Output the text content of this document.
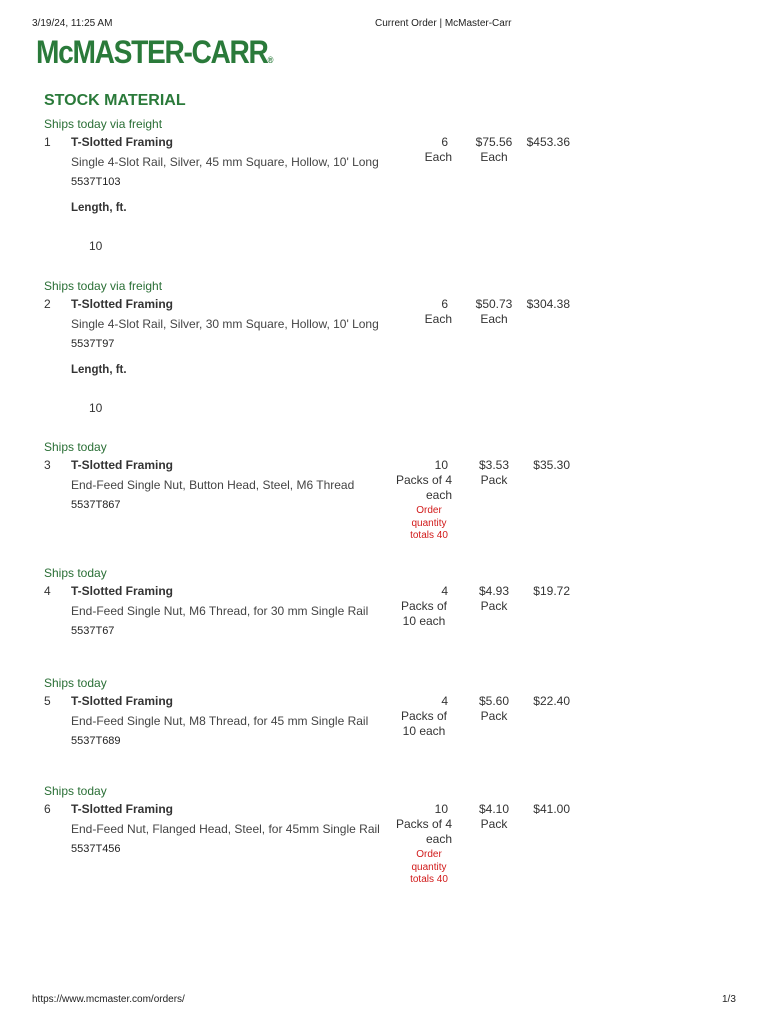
3/19/24, 11:25 AM	Current Order | McMaster-Carr
McMASTER-CARR®
STOCK MATERIAL
Ships today via freight
1 T-Slotted Framing
Single 4-Slot Rail, Silver, 45 mm Square, Hollow, 10' Long
5537T103
Length, ft.
10
6
Each
$75.56
Each
$453.36
Ships today via freight
2 T-Slotted Framing
Single 4-Slot Rail, Silver, 30 mm Square, Hollow, 10' Long
5537T97
Length, ft.
10
6
Each
$50.73
Each
$304.38
Ships today
3 T-Slotted Framing
End-Feed Single Nut, Button Head, Steel, M6 Thread
5537T867
10
Packs of 4 each
Order quantity totals 40
$3.53
Pack
$35.30
Ships today
4 T-Slotted Framing
End-Feed Single Nut, M6 Thread, for 30 mm Single Rail
5537T67
4
Packs of 10 each
$4.93
Pack
$19.72
Ships today
5 T-Slotted Framing
End-Feed Single Nut, M8 Thread, for 45 mm Single Rail
5537T689
4
Packs of 10 each
$5.60
Pack
$22.40
Ships today
6 T-Slotted Framing
End-Feed Nut, Flanged Head, Steel, for 45mm Single Rail
5537T456
10
Packs of 4 each
Order quantity totals 40
$4.10
Pack
$41.00
https://www.mcmaster.com/orders/	1/3
